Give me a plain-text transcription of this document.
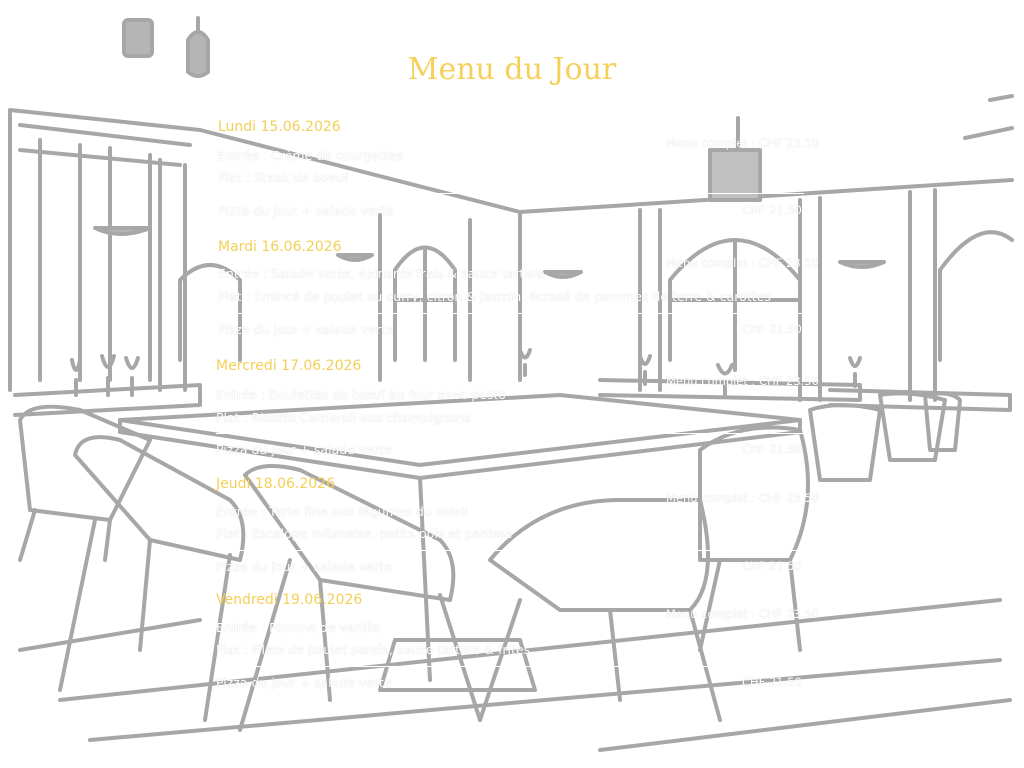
Menu du Jour
Lundi 15.06.2026
Entrée : Crème de courgettes
Plat : Steak de boeuf
Menu complet : CHF 23.50
Pizza du jour + salade verte	CHF 21.50
Mardi 16.06.2026
Entrée : Salade verte, épinards frais & sauce tartare
Plat : Émincé de poulet au curry, citron & jasmin, écrasé de pommes de terre & carottes
Menu complet : CHF 23.50
Pizza du jour + salade verte	CHF 21.50
Mercredi 17.06.2026
Entrée : Boulettes de bœuf au four avec pesto
Plat : Risotto Carnaroli aux champignons
Menu complet : CHF 23.50
Pizza du jour + salade verte	CHF 21.50
Jeudi 18.06.2026
Entrée : Tarte fine aux légumes du soleil
Plat : Escalope milanaise, petits pois et panisse
Menu complet : CHF 23.50
Pizza du jour + salade verte	CHF 21.50
Vendredi 19.06.2026
Entrée : Pomme de vanille
Plat : Filets de poulet panés, sauce tartare & frites
Menu complet : CHF 23.50
Pizza du jour + salade verte	CHF 21.50
